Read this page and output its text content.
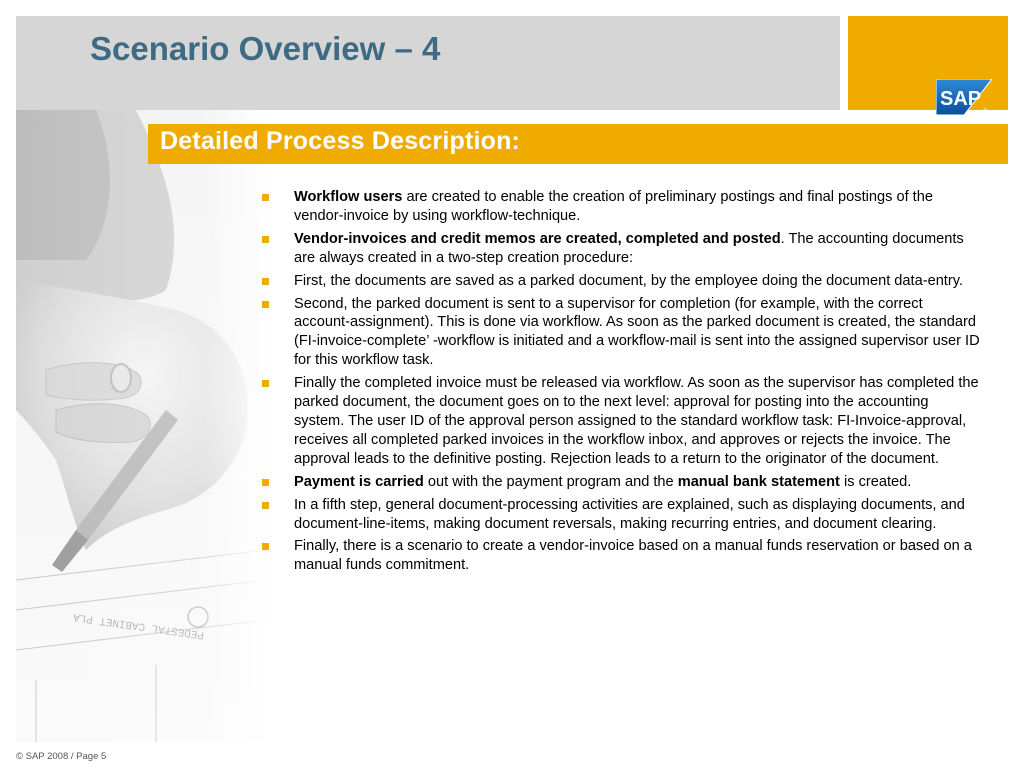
Scenario Overview – 4
SAP
®
Detailed Process Description:
Workflow users are created to enable the creation of preliminary postings and final postings of the vendor-invoice by using workflow-technique.
Vendor-invoices and credit memos are created, completed and posted. The accounting documents are always created in a two-step creation procedure:
First, the documents are saved as a parked document, by the employee doing the document data-entry.
Second, the parked document is sent to a supervisor for completion (for example, with the correct account-assignment). This is done via workflow. As soon as the parked document is created, the standard (FI-invoice-complete’ -workflow is initiated and a workflow-mail is sent into the assigned supervisor user ID for this workflow task.
Finally the completed invoice must be released via workflow. As soon as the supervisor has completed the parked document, the document goes on to the next level: approval for posting into the accounting system. The user ID of the approval person assigned to the standard workflow task: FI-Invoice-approval, receives all completed parked invoices in the workflow inbox, and approves or rejects the invoice. The approval leads to the definitive posting. Rejection leads to a return to the originator of the document.
Payment is carried out with the payment program and the manual bank statement is created.
In a fifth step, general document-processing activities are explained, such as displaying documents, and document-line-items, making document reversals, making recurring entries, and document clearing.
Finally, there is a scenario to create a vendor-invoice based on a manual funds reservation or based on a manual funds commitment.
© SAP 2008 / Page 5
